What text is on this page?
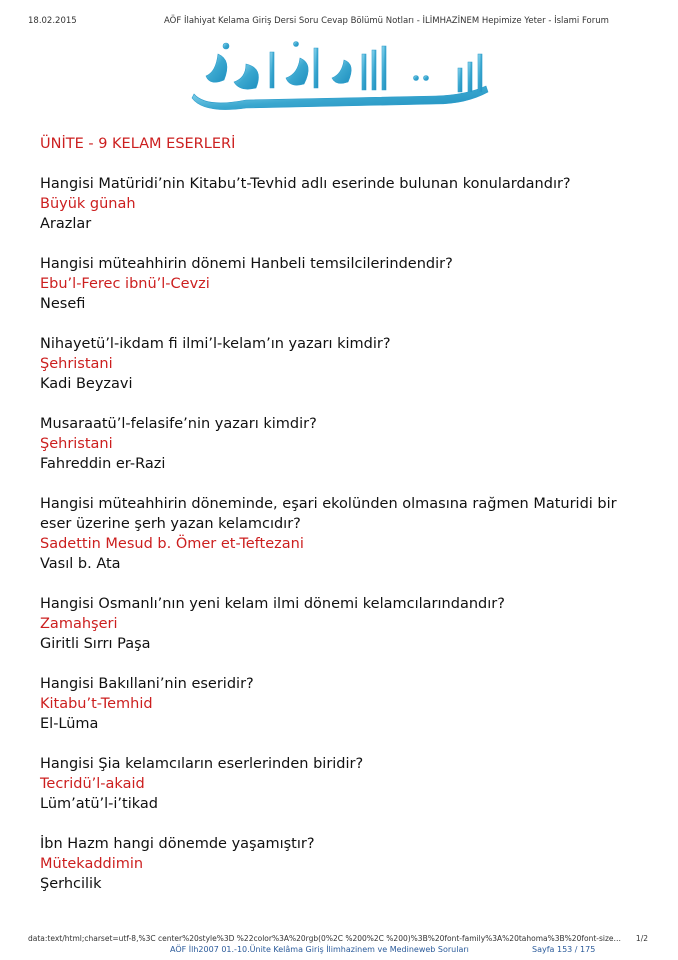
18.02.2015	AÖF İlahiyat Kelama Giriş Dersi Soru Cevap Bölümü Notları - İLİMHAZİNEM Hepimize Yeter - İslami Forum
ÜNİTE - 9 KELAM ESERLERİ
Hangisi Matüridi’nin Kitabu’t-Tevhid adlı eserinde bulunan konulardandır?
Büyük günah
Arazlar
Hangisi müteahhirin dönemi Hanbeli temsilcilerindendir?
Ebu’l-Ferec ibnü’l-Cevzi
Nesefi
Nihayetü’l-ikdam fi ilmi’l-kelam’ın yazarı kimdir?
Şehristani
Kadi Beyzavi
Musaraatü’l-felasife’nin yazarı kimdir?
Şehristani
Fahreddin er-Razi
Hangisi müteahhirin döneminde, eşari ekolünden olmasına rağmen Maturidi bir eser üzerine şerh yazan kelamcıdır?
Sadettin Mesud b. Ömer et-Teftezani
Vasıl b. Ata
Hangisi Osmanlı’nın yeni kelam ilmi dönemi kelamcılarındandır?
Zamahşeri
Giritli Sırrı Paşa
Hangisi Bakıllani’nin eseridir?
Kitabu’t-Temhid
El-Lüma
Hangisi Şia kelamcıların eserlerinden biridir?
Tecridü’l-akaid
Lüm’atü’l-i’tikad
İbn Hazm hangi dönemde yaşamıştır?
Mütekaddimin
Şerhcilik
data:text/html;charset=utf-8,%3C center%20style%3D %22color%3A%20rgb(0%2C %200%2C %200)%3B%20font-family%3A%20tahoma%3B%20font-size… 1/2
AÖF İlh2007 01.-10.Ünite Kelâma Giriş İlimhazinem ve Medineweb Soruları	Sayfa 153 / 175
